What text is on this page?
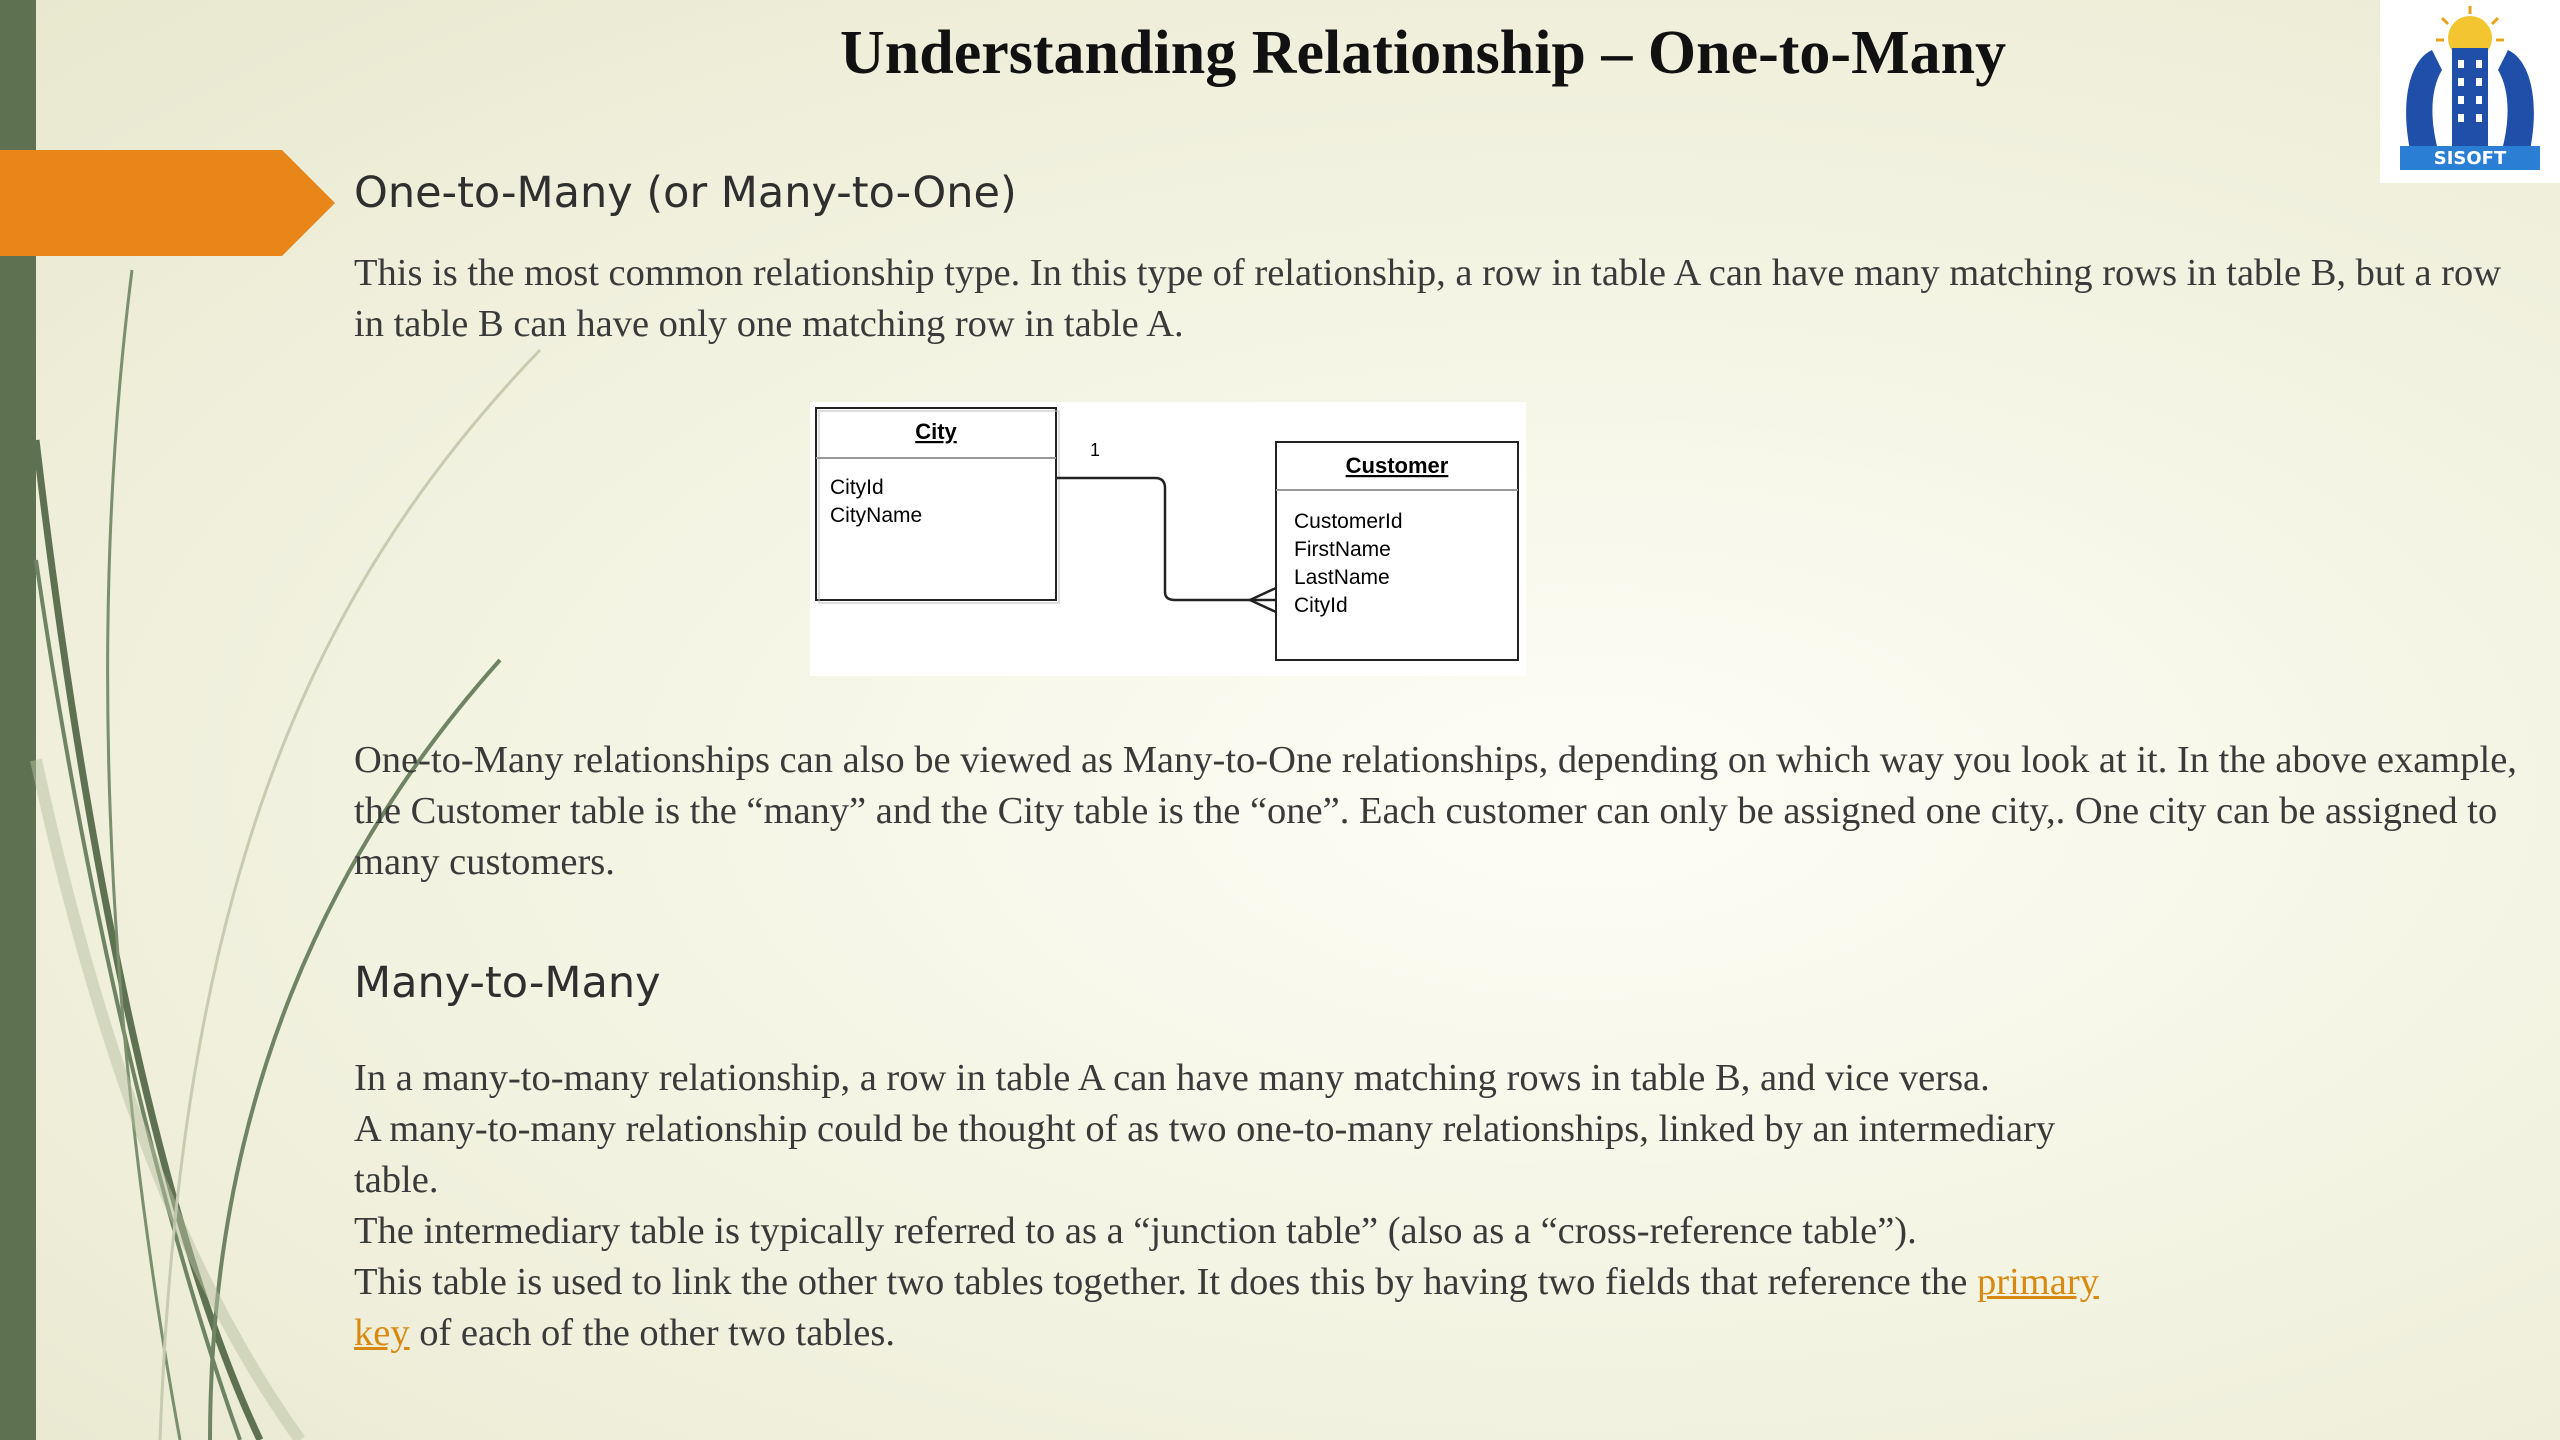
Understanding Relationship – One-to-Many
SISOFT
One-to-Many (or Many-to-One)

This is the most common relationship type. In this type of relationship, a row in table A can have many matching rows in table B, but a row in table B can have only one matching row in table A.

City
CityId
CityName
Customer
CustomerId
FirstName
LastName
CityId
1

One-to-Many relationships can also be viewed as Many-to-One relationships, depending on which way you look at it. In the above example, the Customer table is the “many” and the City table is the “one”. Each customer can only be assigned one city,. One city can be assigned to many customers.

Many-to-Many

In a many-to-many relationship, a row in table A can have many matching rows in table B, and vice versa.

A many-to-many relationship could be thought of as two one-to-many relationships, linked by an intermediary table.

The intermediary table is typically referred to as a “junction table” (also as a “cross-reference table”).

This table is used to link the other two tables together. It does this by having two fields that reference the primary key of each of the other two tables.
